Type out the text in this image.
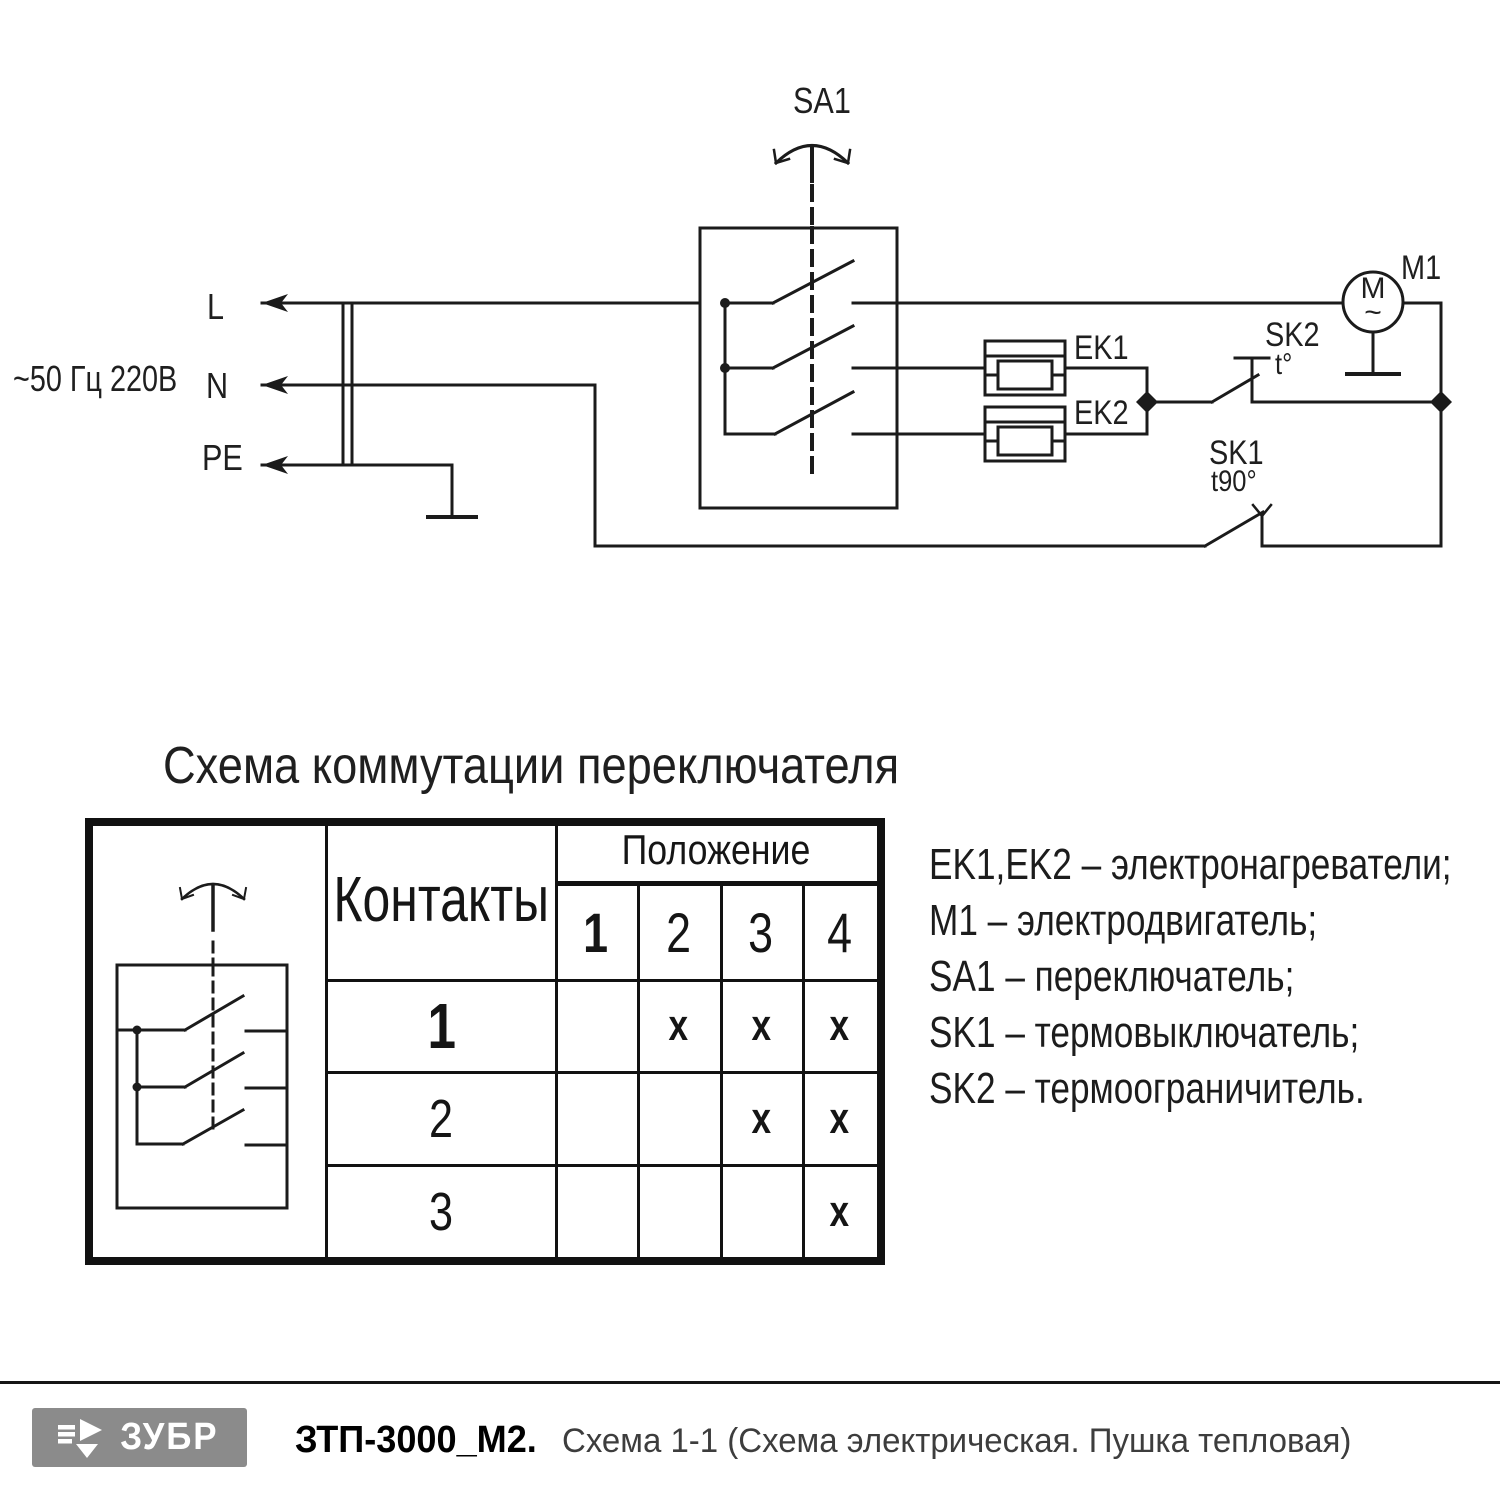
~50 Гц 220В
L
N
PE
SA1
EK1
EK2
M1
M
~
SK2
t°
SK1
t90°
Схема коммутации переключателя
Контакты
Положение
1 2 3 4
1
2
3
x x x
x x
x
EK1,EK2 – электронагреватели;
M1 – электродвигатель;
SA1 – переключатель;
SK1 – термовыключатель;
SK2 – термоограничитель.
ЗУБР ЗТП-3000_М2. Схема 1-1 (Схема электрическая. Пушка тепловая)
